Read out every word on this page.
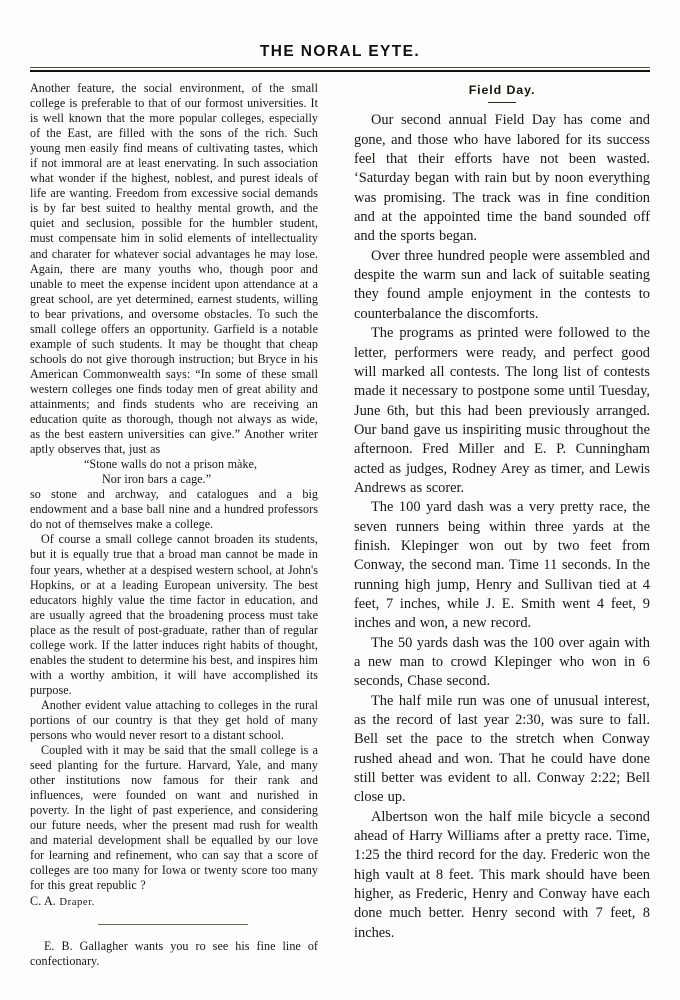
THE NORAL EYTE.

Another feature, the social environment, of the small college is preferable to that of our formost universities. It is well known that the more popular colleges, especially of the East, are filled with the sons of the rich. Such young men easily find means of cultivating tastes, which if not immoral are at least enervating. In such association what wonder if the highest, noblest, and purest ideals of life are wanting. Freedom from excessive social demands is by far best suited to healthy mental growth, and the quiet and seclusion, possible for the humbler student, must compensate him in solid elements of intellectuality and charater for whatever social advantages he may lose. Again, there are many youths who, though poor and unable to meet the expense incident upon attendance at a great school, are yet determined, earnest students, willing to bear privations, and oversome obstacles. To such the small college offers an opportunity. Garfield is a notable example of such students. It may be thought that cheap schools do not give thorough instruction; but Bryce in his American Commonwealth says: “In some of these small western colleges one finds today men of great ability and attainments; and finds students who are receiving an education quite as thorough, though not always as wide, as the best eastern universities can give.” Another writer aptly observes that, just as

“Stone walls do not a prison màke,
Nor iron bars a cage.”

so stone and archway, and catalogues and a big endowment and a base ball nine and a hundred professors do not of themselves make a college.

Of course a small college cannot broaden its students, but it is equally true that a broad man cannot be made in four years, whether at a despised western school, at John's Hopkins, or at a leading European university. The best educators highly value the time factor in education, and are usually agreed that the broadening process must take place as the result of post-graduate, rather than of regular college work. If the latter induces right habits of thought, enables the student to determine his best, and inspires him with a worthy ambition, it will have accomplished its purpose.

Another evident value attaching to colleges in the rural portions of our country is that they get hold of many persons who would never resort to a distant school.

Coupled with it may be said that the small college is a seed planting for the furture. Harvard, Yale, and many other institutions now famous for their rank and influences, were founded on want and nurished in poverty. In the light of past experience, and considering our future needs, wher the present mad rush for wealth and material development shall be equalled by our love for learning and refinement, who can say that a score of colleges are too many for Iowa or twenty score too many for this great republic ?

C. A. Draper.

E. B. Gallagher wants you ro see his fine line of confectionary.

Field Day.

Our second annual Field Day has come and gone, and those who have labored for its success feel that their efforts have not been wasted. ‘Saturday began with rain but by noon everything was promising. The track was in fine condition and at the appointed time the band sounded off and the sports began.

Over three hundred people were assembled and despite the warm sun and lack of suitable seating they found ample enjoyment in the contests to counterbalance the discomforts.

The programs as printed were followed to the letter, performers were ready, and perfect good will marked all contests. The long list of contests made it necessary to postpone some until Tuesday, June 6th, but this had been previously arranged. Our band gave us inspiriting music throughout the afternoon. Fred Miller and E. P. Cunningham acted as judges, Rodney Arey as timer, and Lewis Andrews as scorer.

The 100 yard dash was a very pretty race, the seven runners being within three yards at the finish. Klepinger won out by two feet from Conway, the second man. Time 11 seconds. In the running high jump, Henry and Sullivan tied at 4 feet, 7 inches, while J. E. Smith went 4 feet, 9 inches and won, a new record.

The 50 yards dash was the 100 over again with a new man to crowd Klepinger who won in 6 seconds, Chase second.

The half mile run was one of unusual interest, as the record of last year 2:30, was sure to fall. Bell set the pace to the stretch when Conway rushed ahead and won. That he could have done still better was evident to all. Conway 2:22; Bell close up.

Albertson won the half mile bicycle a second ahead of Harry Williams after a pretty race. Time, 1:25 the third record for the day. Frederic won the high vault at 8 feet. This mark should have been higher, as Frederic, Henry and Conway have each done much better. Henry second with 7 feet, 8 inches.
